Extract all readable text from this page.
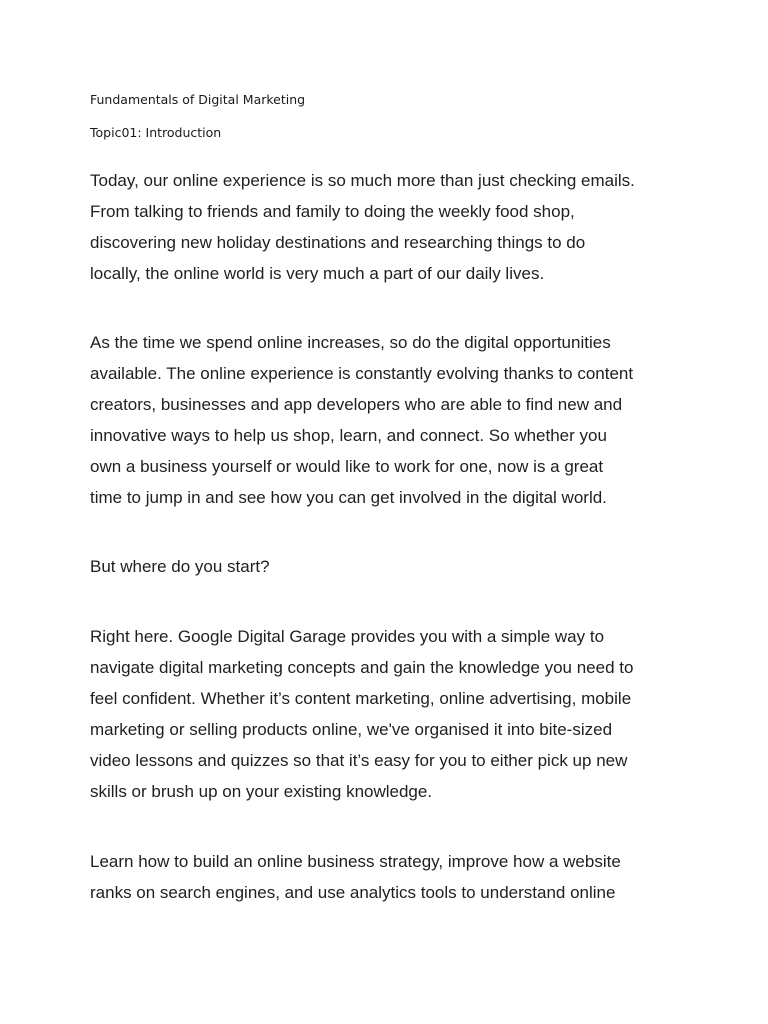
Fundamentals of Digital Marketing
Topic01: Introduction
Today, our online experience is so much more than just checking emails.
From talking to friends and family to doing the weekly food shop,
discovering new holiday destinations and researching things to do
locally, the online world is very much a part of our daily lives.
As the time we spend online increases, so do the digital opportunities
available. The online experience is constantly evolving thanks to content
creators, businesses and app developers who are able to find new and
innovative ways to help us shop, learn, and connect. So whether you
own a business yourself or would like to work for one, now is a great
time to jump in and see how you can get involved in the digital world.
But where do you start?
Right here. Google Digital Garage provides you with a simple way to
navigate digital marketing concepts and gain the knowledge you need to
feel confident. Whether it’s content marketing, online advertising, mobile
marketing or selling products online, we've organised it into bite-sized
video lessons and quizzes so that it’s easy for you to either pick up new
skills or brush up on your existing knowledge.
Learn how to build an online business strategy, improve how a website
ranks on search engines, and use analytics tools to understand online
